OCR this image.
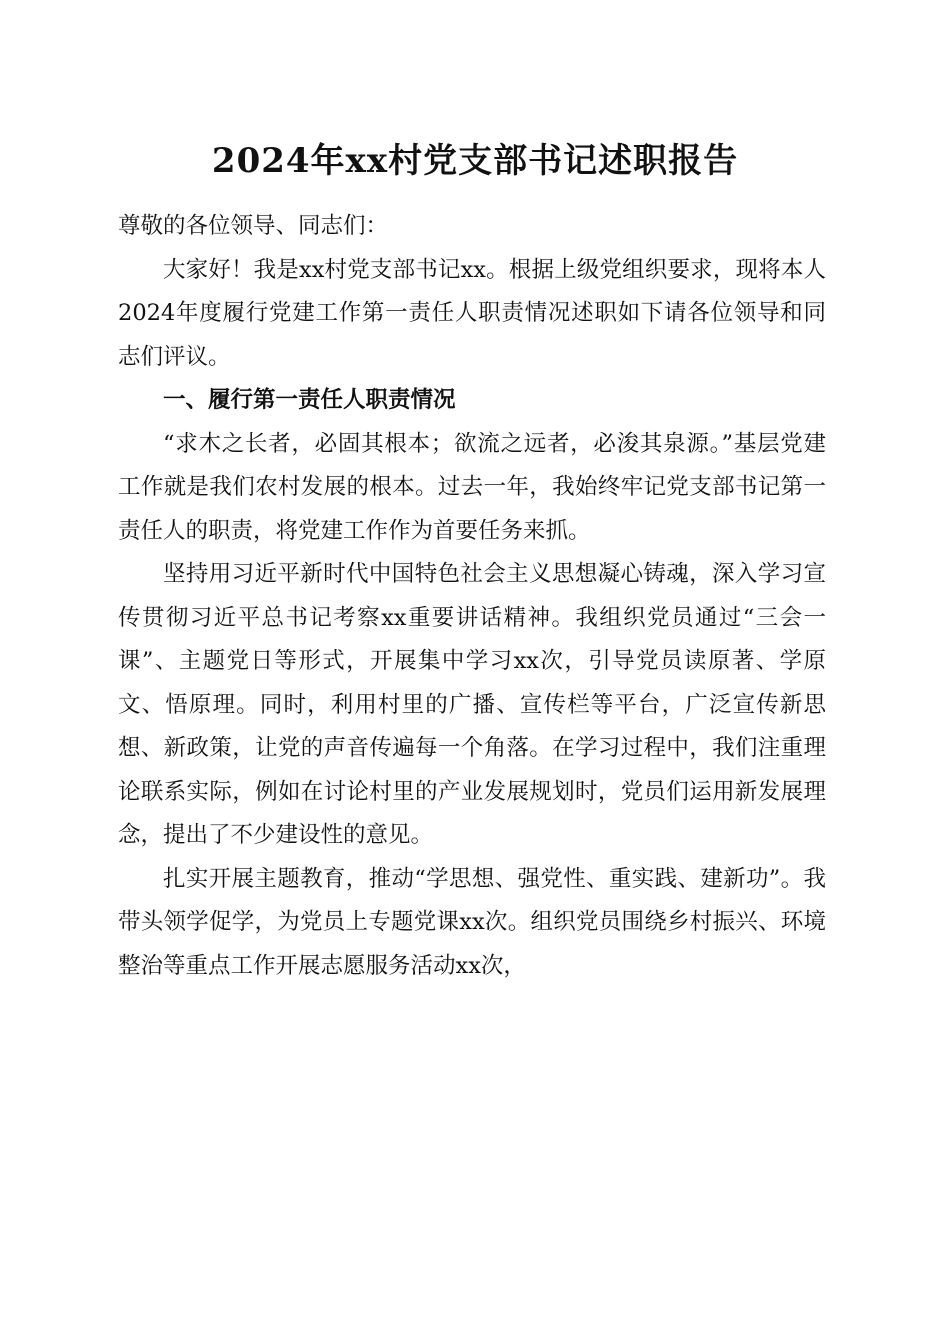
2024年xx村党支部书记述职报告

尊敬的各位领导、同志们：

大家好！我是xx村党支部书记xx。根据上级党组织要求，现将本人2024年度履行党建工作第一责任人职责情况述职如下请各位领导和同志们评议。

一、履行第一责任人职责情况

“求木之长者，必固其根本；欲流之远者，必浚其泉源。”基层党建工作就是我们农村发展的根本。过去一年，我始终牢记党支部书记第一责任人的职责，将党建工作作为首要任务来抓。

坚持用习近平新时代中国特色社会主义思想凝心铸魂，深入学习宣传贯彻习近平总书记考察xx重要讲话精神。我组织党员通过“三会一课”、主题党日等形式，开展集中学习xx次，引导党员读原著、学原文、悟原理。同时，利用村里的广播、宣传栏等平台，广泛宣传新思想、新政策，让党的声音传遍每一个角落。在学习过程中，我们注重理论联系实际，例如在讨论村里的产业发展规划时，党员们运用新发展理念，提出了不少建设性的意见。

扎实开展主题教育，推动“学思想、强党性、重实践、建新功”。我带头领学促学，为党员上专题党课xx次。组织党员围绕乡村振兴、环境整治等重点工作开展志愿服务活动xx次，
